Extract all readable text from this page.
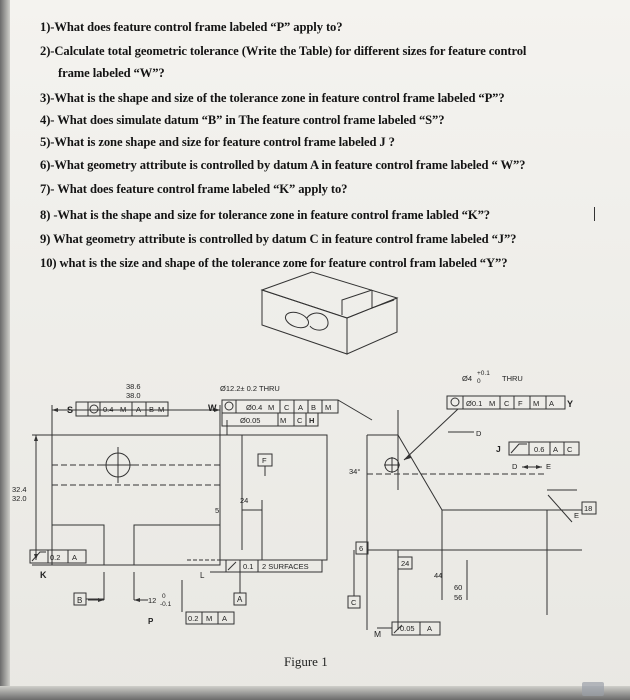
1)-What does feature control frame labeled “P” apply to?
2)-Calculate total geometric tolerance (Write the Table) for different sizes for feature control
frame labeled “W”?
3)-What is the shape and size of the tolerance zone in feature control frame labeled “P”?
4)- What does simulate datum “B” in The feature control frame labeled “S”?
5)-What is zone shape and size for feature control frame labeled J ?
6)-What geometry attribute is controlled by datum A in feature control frame labeled “ W”?
7)- What does feature control frame labeled “K” apply to?
8) -What is the shape and size for tolerance zone in feature control frame labled “K”?
9) What geometry attribute is controlled by datum C in feature control frame labeled “J”?
10) what is the size and shape of the tolerance zon̵e for feature control fram labeled “Y”?
38.6
38.0
S	0.4 M A B M
32.4
32.0
0.2 A
K
B	12 0
-0.1
P	0.2 M A
Ø12.2± 0.2 THRU
W	Ø0.4 M C A B M
Ø0.05	M C H
F
24
5
L
0.1 2 SURFACES
A
Ø4
+0.1
0	THRU
Ø0.1 M C F M A Y
D
J	0.6 A C
D	E
34°
E
18
6
24
44
60
56
C
M
0.05 A
Figure 1
